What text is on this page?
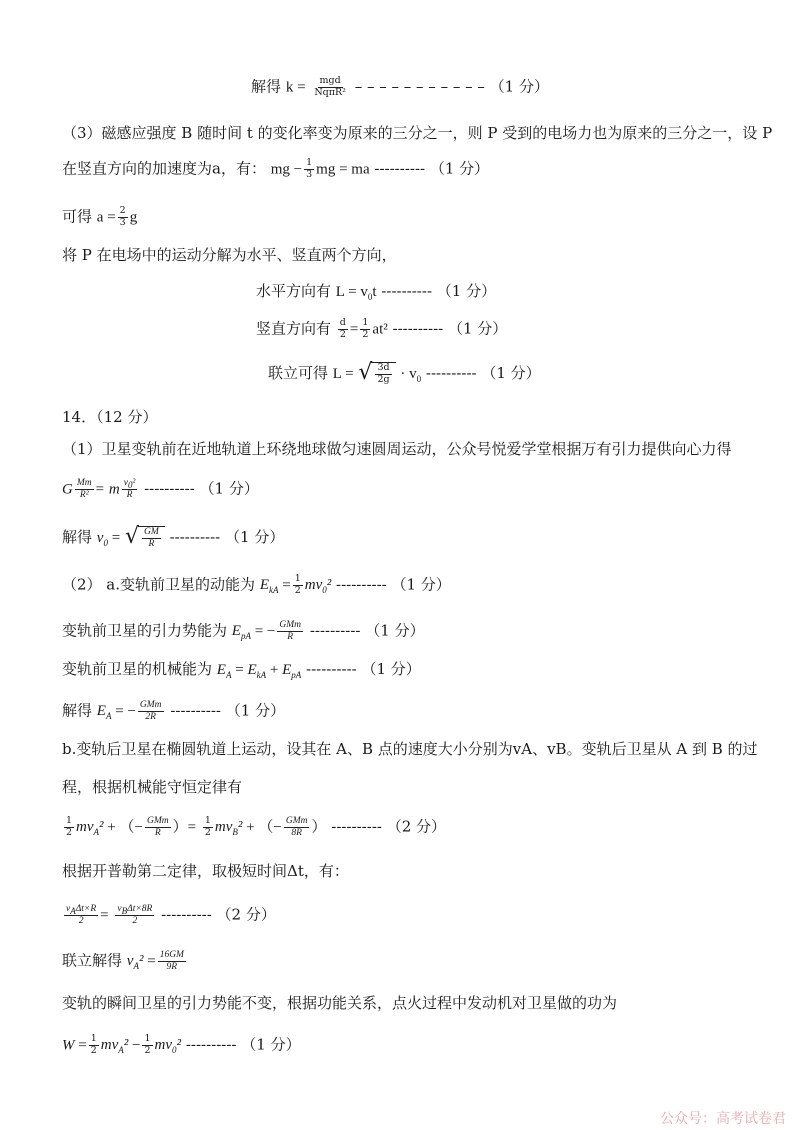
解得 $k = \frac{\text{mgd}}{\text{NqπR²}}$ – – – – – – – – – – – （1 分）
（3）磁感应强度 B 随时间 t 的变化率变为原来的三分之一，则 P 受到的电场力也为原来的三分之一，设 P
在竖直方向的加速度为a，有： mg − $\frac{1}{3}$ mg = ma ---------- （1 分）
可得 $a = \frac{2}{3}$ g
将 P 在电场中的运动分解为水平、竖直两个方向，
水平方向有 $L = v_0t$ ---------- （1 分）
竖直方向有 $\frac{d}{2} = \frac{1}{2} at^2$ ---------- （1 分）
联立可得 L = √ $\frac{3d}{2g} \cdot v_0$ ---------- （1 分）
14．（12 分）
（1）卫星变轨前在近地轨道上环绕地球做匀速圆周运动，公众号悦爱学堂根据万有引力提供向心力得
G $\frac{Mm}{\text{R²}} = m \frac{v_0^2}{R}$ ---------- （1 分）
解得 $v_0$ = √ $\frac{GM}{R}$ ---------- （1 分）
（2） a.变轨前卫星的动能为 $E_{kA} = \frac{1}{2} mv_0^2$ ---------- （1 分）
变轨前卫星的引力势能为 $E_{pA}$ = − $\frac{\text{GMm}}{R}$ ---------- （1 分）
变轨前卫星的机械能为 $E_A = E_{kA} + E_{pA}$ ---------- （1 分）
解得 $E_A$ = − $\frac{\text{GMm}}{2R}$ ---------- （1 分）
b.变轨后卫星在椭圆轨道上运动，设其在 A、B 点的速度大小分别为vA、vB。变轨后卫星从 A 到 B 的过
程，根据机械能守恒定律有
$\frac{1}{2} mv_A^2$ + （− $\frac{\text{GMm}}{R}$ ）= $\frac{1}{2} mv_B^2$ + （− $\frac{\text{GMm}}{8R}$ ） ---------- （2 分）
根据开普勒第二定律，取极短时间Δt，有：
$\frac{v_A\Delta t\times R}{2} = \frac{v_B\Delta t\times 8R}{2}$ ---------- （2 分）
联立解得 $v_A^2 = \frac{16GM}{9R}$
变轨的瞬间卫星的引力势能不变，根据功能关系，点火过程中发动机对卫星做的功为
$W = \frac{1}{2} mv_A^2 - \frac{1}{2} mv_0^2$ ---------- （1 分）
公众号：高考试卷君
